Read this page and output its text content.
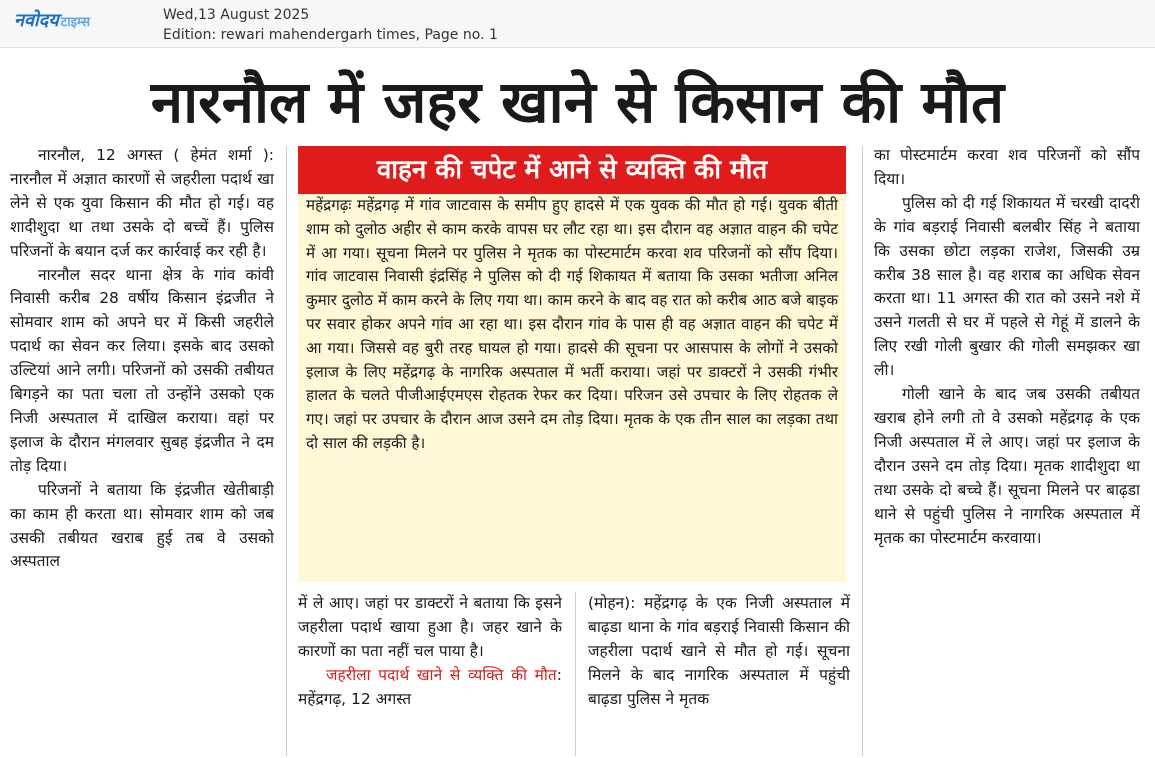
नवोदय टाइम्स	Wed,13 August 2025
Edition: rewari mahendergarh times, Page no. 1
नारनौल में जहर खाने से किसान की मौत

नारनौल, 12 अगस्त ( हेमंत शर्मा ): नारनौल में अज्ञात कारणों से जहरीला पदार्थ खा लेने से एक युवा किसान की मौत हो गई। वह शादीशुदा था तथा उसके दो बच्चें हैं। पुलिस परिजनों के बयान दर्ज कर कार्रवाई कर रही है।

नारनौल सदर थाना क्षेत्र के गांव कांवी निवासी करीब 28 वर्षीय किसान इंद्रजीत ने सोमवार शाम को अपने घर में किसी जहरीले पदार्थ का सेवन कर लिया। इसके बाद उसको उल्टियां आने लगी। परिजनों को उसकी तबीयत बिगड़ने का पता चला तो उन्होंने उसको एक निजी अस्पताल में दाखिल कराया। वहां पर इलाज के दौरान मंगलवार सुबह इंद्रजीत ने दम तोड़ दिया।

परिजनों ने बताया कि इंद्रजीत खेतीबाड़ी का काम ही करता था। सोमवार शाम को जब उसकी तबीयत खराब हुई तब वे उसको अस्पताल

वाहन की चपेट में आने से व्यक्ति की मौत
महेंद्रगढ़ः महेंद्रगढ़ में गांव जाटवास के समीप हुए हादसे में एक युवक की मौत हो गई। युवक बीती शाम को दुलोठ अहीर से काम करके वापस घर लौट रहा था। इस दौरान वह अज्ञात वाहन की चपेट में आ गया। सूचना मिलने पर पुलिस ने मृतक का पोस्टमार्टम करवा शव परिजनों को सौंप दिया। गांव जाटवास निवासी इंद्रसिंह ने पुलिस को दी गई शिकायत में बताया कि उसका भतीजा अनिल कुमार दुलोठ में काम करने के लिए गया था। काम करने के बाद वह रात को करीब आठ बजे बाइक पर सवार होकर अपने गांव आ रहा था। इस दौरान गांव के पास ही वह अज्ञात वाहन की चपेट में आ गया। जिससे वह बुरी तरह घायल हो गया। हादसे की सूचना पर आसपास के लोगों ने उसको इलाज के लिए महेंद्रगढ़ के नागरिक अस्पताल में भर्ती कराया। जहां पर डाक्टरों ने उसकी गंभीर हालत के चलते पीजीआईएमएस रोहतक रेफर कर दिया। परिजन उसे उपचार के लिए रोहतक ले गए। जहां पर उपचार के दौरान आज उसने दम तोड़ दिया। मृतक के एक तीन साल का लड़का तथा दो साल की लड़की है।

में ले आए। जहां पर डाक्टरों ने बताया कि इसने जहरीला पदार्थ खाया हुआ है। जहर खाने के कारणों का पता नहीं चल पाया है।

जहरीला पदार्थ खाने से व्यक्ति की मौत: महेंद्रगढ़, 12 अगस्त

(मोहन): महेंद्रगढ़ के एक निजी अस्पताल में बाढ़डा थाना के गांव बड़राई निवासी किसान की जहरीला पदार्थ खाने से मौत हो गई। सूचना मिलने के बाद नागरिक अस्पताल में पहुंची बाढ़डा पुलिस ने मृतक

का पोस्टमार्टम करवा शव परिजनों को सौंप दिया।

पुलिस को दी गई शिकायत में चरखी दादरी के गांव बड़राई निवासी बलबीर सिंह ने बताया कि उसका छोटा लड़का राजेश, जिसकी उम्र करीब 38 साल है। वह शराब का अधिक सेवन करता था। 11 अगस्त की रात को उसने नशे में उसने गलती से घर में पहले से गेहूं में डालने के लिए रखी गोली बुखार की गोली समझकर खा ली।

गोली खाने के बाद जब उसकी तबीयत खराब होने लगी तो वे उसको महेंद्रगढ़ के एक निजी अस्पताल में ले आए। जहां पर इलाज के दौरान उसने दम तोड़ दिया। मृतक शादीशुदा था तथा उसके दो बच्चे हैं। सूचना मिलने पर बाढ़डा थाने से पहुंची पुलिस ने नागरिक अस्पताल में मृतक का पोस्टमार्टम करवाया।
